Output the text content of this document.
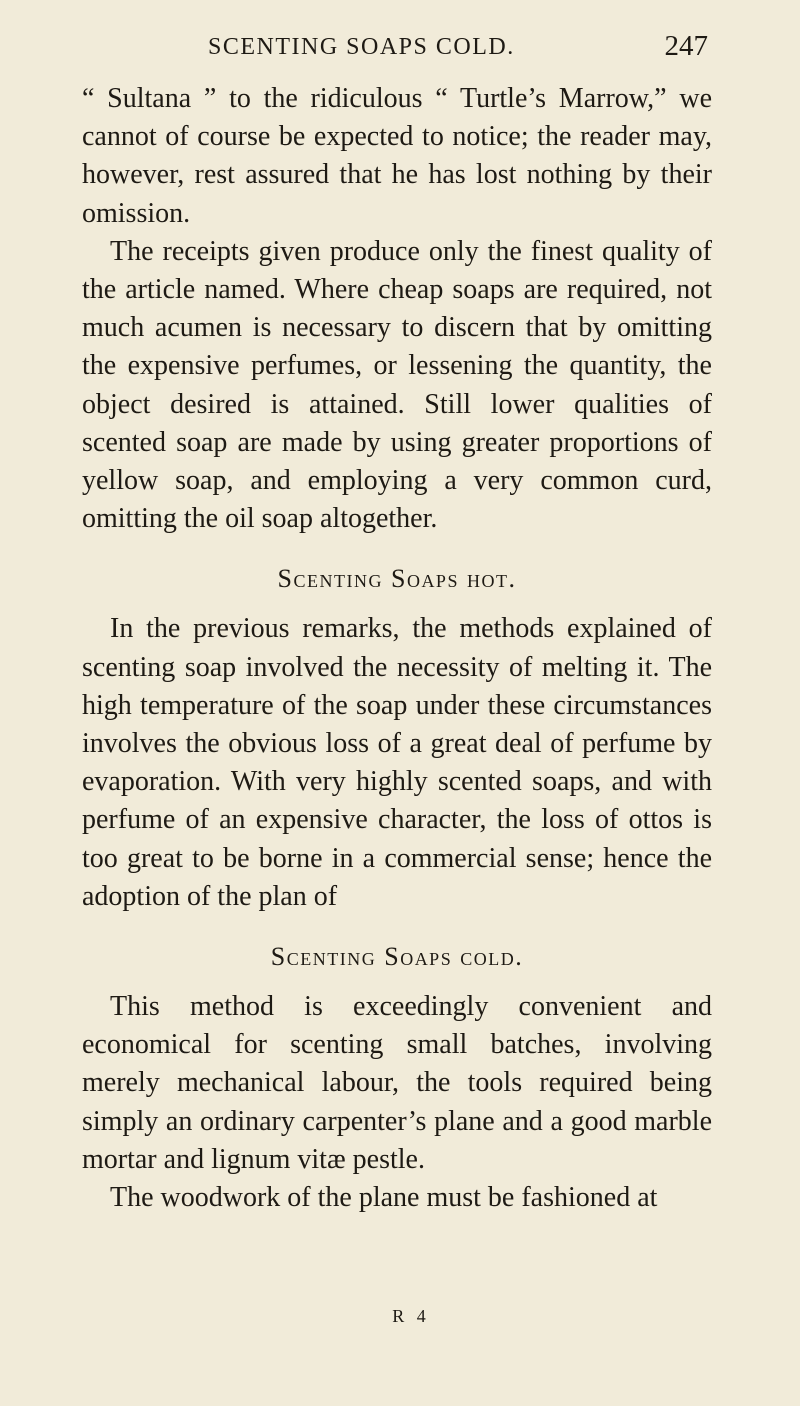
SCENTING SOAPS COLD.	247

“ Sultana ” to the ridiculous “ Turtle’s Marrow,” we cannot of course be expected to notice; the reader may, however, rest assured that he has lost nothing by their omission.

The receipts given produce only the finest quality of the article named. Where cheap soaps are required, not much acumen is necessary to discern that by omitting the expensive perfumes, or lessening the quantity, the object desired is attained. Still lower qualities of scented soap are made by using greater proportions of yellow soap, and employing a very common curd, omitting the oil soap altogether.

Scenting Soaps hot.

In the previous remarks, the methods explained of scenting soap involved the necessity of melting it. The high temperature of the soap under these circumstances involves the obvious loss of a great deal of perfume by evaporation. With very highly scented soaps, and with perfume of an expensive character, the loss of ottos is too great to be borne in a commercial sense; hence the adoption of the plan of

Scenting Soaps cold.

This method is exceedingly convenient and economical for scenting small batches, involving merely mechanical labour, the tools required being simply an ordinary carpenter’s plane and a good marble mortar and lignum vitæ pestle.

The woodwork of the plane must be fashioned at

R 4
